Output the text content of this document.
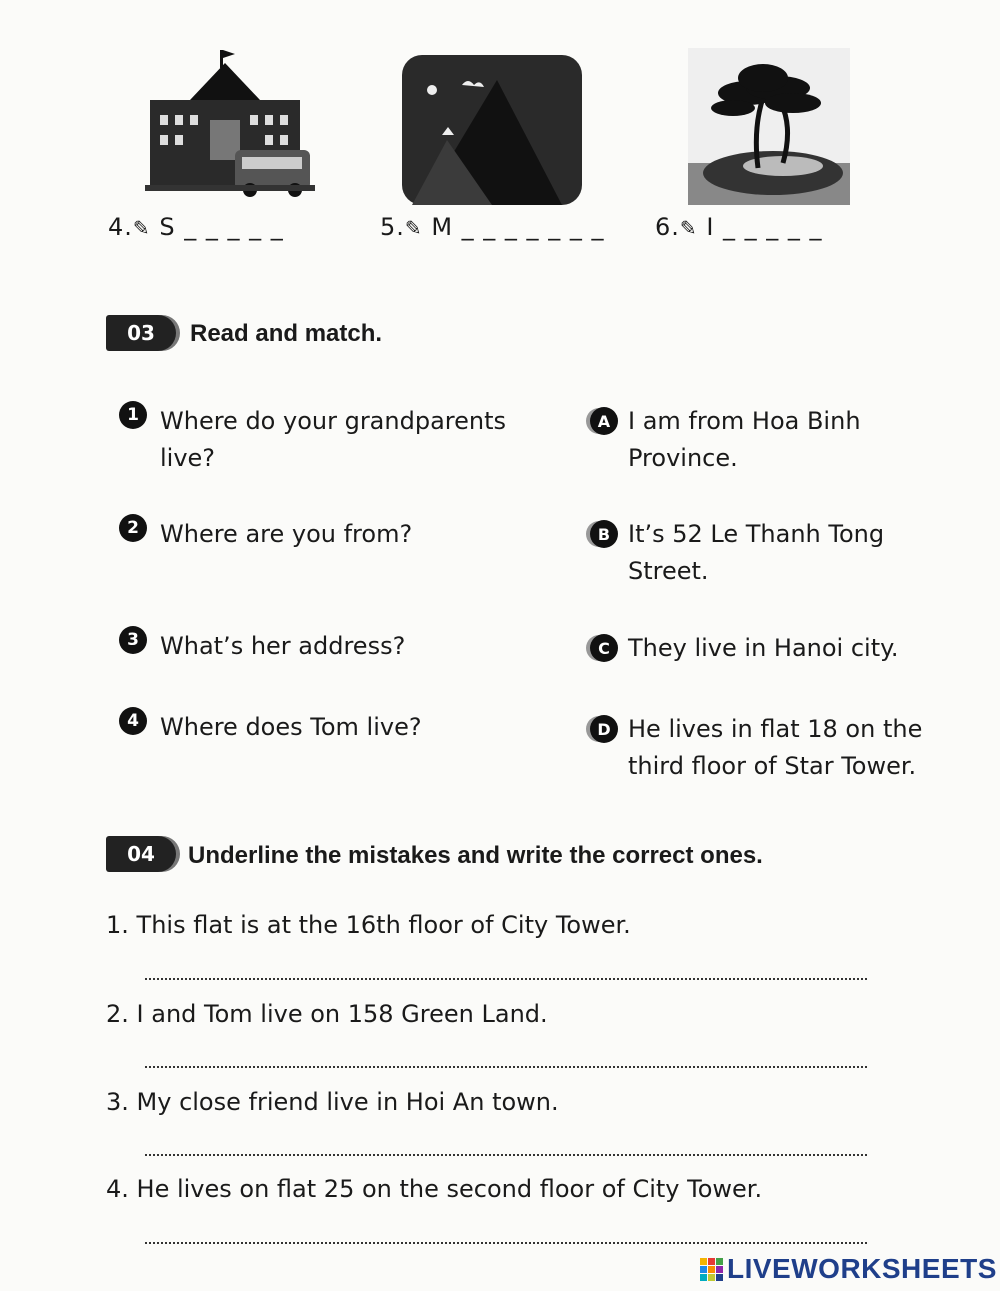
4.✎ S _ _ _ _ _	5.✎ M _ _ _ _ _ _ _ 6.✎ I _ _ _ _ _
03	Read and match.
1 Where do your grandparents live?
2 Where are you from?
3 What’s her address?
4 Where does Tom live?
A I am from Hoa Binh Province.
B It’s 52 Le Thanh Tong Street.
C They live in Hanoi city.
D He lives in flat 18 on the third floor of Star Tower.
04	Underline the mistakes and write the correct ones.
1. This flat is at the 16th floor of City Tower.
2. I and Tom live on 158 Green Land.
3. My close friend live in Hoi An town.
4. He lives on flat 25 on the second floor of City Tower.
LIVEWORKSHEETS
